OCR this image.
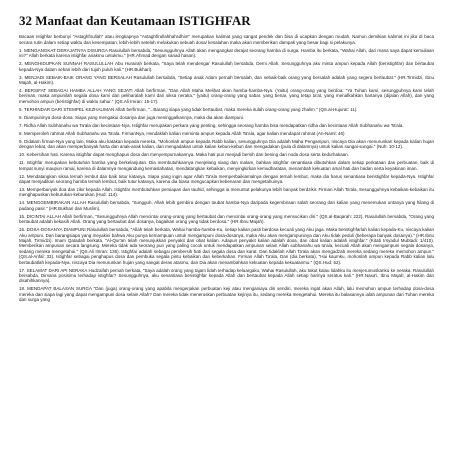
32 Manfaat dan Keutamaan ISTIGHFAR

Bacaan Istighfar berbunyi "Astaghfirullah" atau lengkapnya "Astaghfirullahhal'adhim" merupakan kalimat yang sangat pendek dan bisa di ucapkan dengan mudah. Namun demikian kalimat ini jika di baca secara rutin dalam setiap waktu dan kesempatan, lebih-lebih setelah melakukan sebuah dosa/ kesalahan maka akan memberikan dampak yang besar bagi si pelakunya.

1. MENGANGKAT DERAJATNYA DISURGA Rasulullah bersabda, "Sesungguhnya Allah akan mengangkat derajat seorang hamba di surga. Hamba itu berkata, "Wahai Allah, dari mana saya dapat kemuliaan ini?" Allah berkata karena istighfar anakmu untukmu." (HR.Ahmad dengan sanad hasan).

2. MENGHIDUPKAN SUNNAH RASULULLAH Abu Hurairah berkata, "Saya telah mendengar Rasulullah bersabda, Demi Allah, Sesungguhnya aku minta ampun kepada Allah (beristighfar) dan bertaubat kepada-Nya dalam sehari lebih dari tujuh puluh kali." (HR.Bukhari).

3. MENJADI SEBAIK-BAIK ORANG YANG BERSALAH Rasulullah bersabda, "Setiap anak Adam pernah bersalah, dan sebaik-baik orang yang bersalah adalah yang segera bertaubat." (HR.Tirmidzi, Ibnu Majah, al-Hakim).

4. BERSIFAT SEBAGAI HAMBA ALLAH YANG SEJATI Allah berfirman, "Dan Allah Maha Melihat akan hamba-hamba-Nya. (Yaitu) orang-orang yang berdoa: "Ya Tuhan kami, sesungguhnya kami telah beriman, maka ampunilah segala dosa kami dan peliharalah kami dari siksa neraka," (yaitu) orang-orang yang sabar, yang benar, yang tetap ta'at, yang menafkahkan hartanya (dijalan Allah), dan yang memohon ampun (beristighfar) di waktu sahur." (QS.Ali Imran: 15-17).

5. TERHINDAR DARI STEMPEL KEZHALIMAN Allah berfirman, "...Barang siapa yang tidak bertaubat, maka mereka itulah orang-orang yang zhalim." (QS.al-Hujurat: 11).

6. Diampuninya dosa-dosa. Siapa yang mengakui dosanya dan juga meninggalkannya, maka dia akan diampuni.

7. Ridha Allah Subhanahu wa Ta'ala dan kecintaan-Nya. Istighfar merupakan perkara yang penting, sehingga seorang hamba bisa mendapatkan ridha dan kecintaan Allah Subhanahu wa Ta'ala.

8. Memperoleh rahmat Allah Subhanahu wa Ta'ala. FirmanNya, Hendaklah kalian meminta ampun kepada Allah Ta'ala, agar kalian mendapat rahmat (An-Naml: 46)

9. Didalam firman-Nya yang lain, Maka aku katakan kepada mereka, "Mohonlah ampun kepada Rabb kalian, sesungguhnya Dia adalah Maha Pengampun, niscaya Dia akan menurunkan kepada kalian hujan dengan lebat, dan akan memperbanyak harta dan anak-anak kalian, dan mengadakan untuk kalian kebun-kebun dan mengadakan (pula di dalamnya) untuk kalian sungai-sungai." (Nuh: 10-12).

10. Kebersihan hati. Karena istighfar dapat menghapus dosa dan menyempurnakannya. Maka hati pun menjadi bersih dan bening dari noda dosa serta kedurhakaan.

11. Istighfar merupakan kebutuhan hamba yang berkelanjutan. Dia membutuhkannya menjelang siang dan malam, bahkan istighfar senantiasa dibutuhkan dalam setiap perkataan dan perbuatan, baik di tempat sunyi maupun ramai, karena di dalamnya mengandung kemaslahatan, mendatangkan kebaikan, menyingkirkan kemudharatan, menambah kekuatan amal hati dan badan serta keyakinan iman.

12. Mendatangkan siksa ternah lembut dan baik tutur katanya. Siapa yang ingin agar Allah Ta'ala memperbaikiamalnya dengan ternah lembut, maka dia harus senantiasa beristighfar kepada-Nya. Istighfar dapat menjadikan seorang hamba ternah lembut, baik tutur katanya, karena dia biasa mengucapkan kebenaran dan mengetahuinya.

13. Memperbanyak doa dan zikir kepada Allah. Istighfar membutuhkan persiapan dan tauhid, sehingga ia menuntut pelakunya lebih banyak berdzikir. Firman Allah Ta'ala, Sesungguhnya kebaikan-kebaikan itu menghapuskan keburukan-keburukan (Hud: 114).

14. MENGGEMBIRAKAN ALLAH Rasulullah bersabda, "Sungguh, Allah lebih gembira dengan taubat hamba-Nya daripada kegembiraan salah seorang dari kalian yang menemukan untanya yang hilang di padang pasir." (HR.Bukhari dan Muslim).

15. DICINTAI ALLAH Allah berfirman, "Sesungguhnya Allah mencintai orang-orang yang bertaubat dan mencintai orang-orang yang mensucikan diri." (QS.al-Baqarah: 222). Rasulullah bersabda, "Orang yang bertaubat adalah kekasih Allah. Orang yang bertaubat dari dosanya, bagaikan orang yang tidak berdosa." (HR.Ibnu Majah).

16. DOSA-DOSANYA DIAMPUNI Rasulullah bersabda, "Allah telah berkata, Wahai hamba-hamba-Ku, setiap kalian pasti berdosa kecuali yang Aku jaga. Maka beristighfarlah kalian kepada-Ku, niscaya kalian Aku ampuni. Dan barangsiapa yang meyakini bahwa Aku punya kemampuan untuk mengampuni dosa-dosanya, maka Aku akan mengampuninya dan Aku tidak peduli (beberapa banyak dosanya)." (HR.Ibnu Majah, Tirmidzi). Imam Qatadah berkata, "Al-Qur'an telah menunjukkan penyakit dan obat kalian. Adapun penyakit kalian adalah dosa, dan obat kalian adalah istighfar." (Kitab Irsyadul Mubtadi: 1/410). Memberikan ampunan secara langsung. Mereka tidak ada seorang pun yang paling cocok untuk mendapatkan ampunan selain Allah subhanahu wa ta'ala, kecuali Allah akan mengampuni segala dosanya, sedang mereka mengetahui." (QS.Ali Imran: 135). Istighfar adalah sebagai pembersih hati dari segala dosa dan karat. Dan tidaklah Allah Ta'ala akan mengadzab mereka sedang mereka memohon ampun." (QS.al-Anfal: 33). Istighfar sebagai penghapus dosa dan pembuka segala pintu kebaikan dan keberkahan. Firman Allah Ta'ala, Dan (dia berkata), "Hai kaumku, mohonlah ampun kepada Rabb kalian lalu bertaubatlah kepada-Nya, niscaya Dia menurunkan hujan yang sangat deras atasmu, dan Dia akan menambahkan kekuatan kepada kekuatanmu." (QS.Hud: 52).

17. SELAMAT DARI API NERAKA Hudzaifah pernah berkata, "Saya adalah orang yang tajam lidah terhadap keluargaku, Wahai Rasulullah, aku takut kalau lidahku itu menjerumuskanku ke neraka. Rasulullah bersabda, Dimana posisimu terhadap istighfar? Sesungguhnya, aku senantiasa beristighfar kepada Allah dan bertaubat kepada Allah setiap harinya seratus kali." (HR.Nasa'i, Ibnu Majah, al-Hakim dan disahihkannya).

18. MENDAPAT BALASAN SURGA "Dan (juga) orang-orang yang apabila mengerjakan perbuatan keji atau menganiaya diri sendiri, mereka ingat akan Allah, lalu memohon ampun terhadap dosa-dosa mereka dan siapa lagi yang dapat mengampuni dosa selain Allah? Dan mereka tidak meneruskan perbuatan kejinya itu, sedang mereka mengetahui. Mereka itu balasannya ialah ampunan dari Tuhan mereka dan surga yang
